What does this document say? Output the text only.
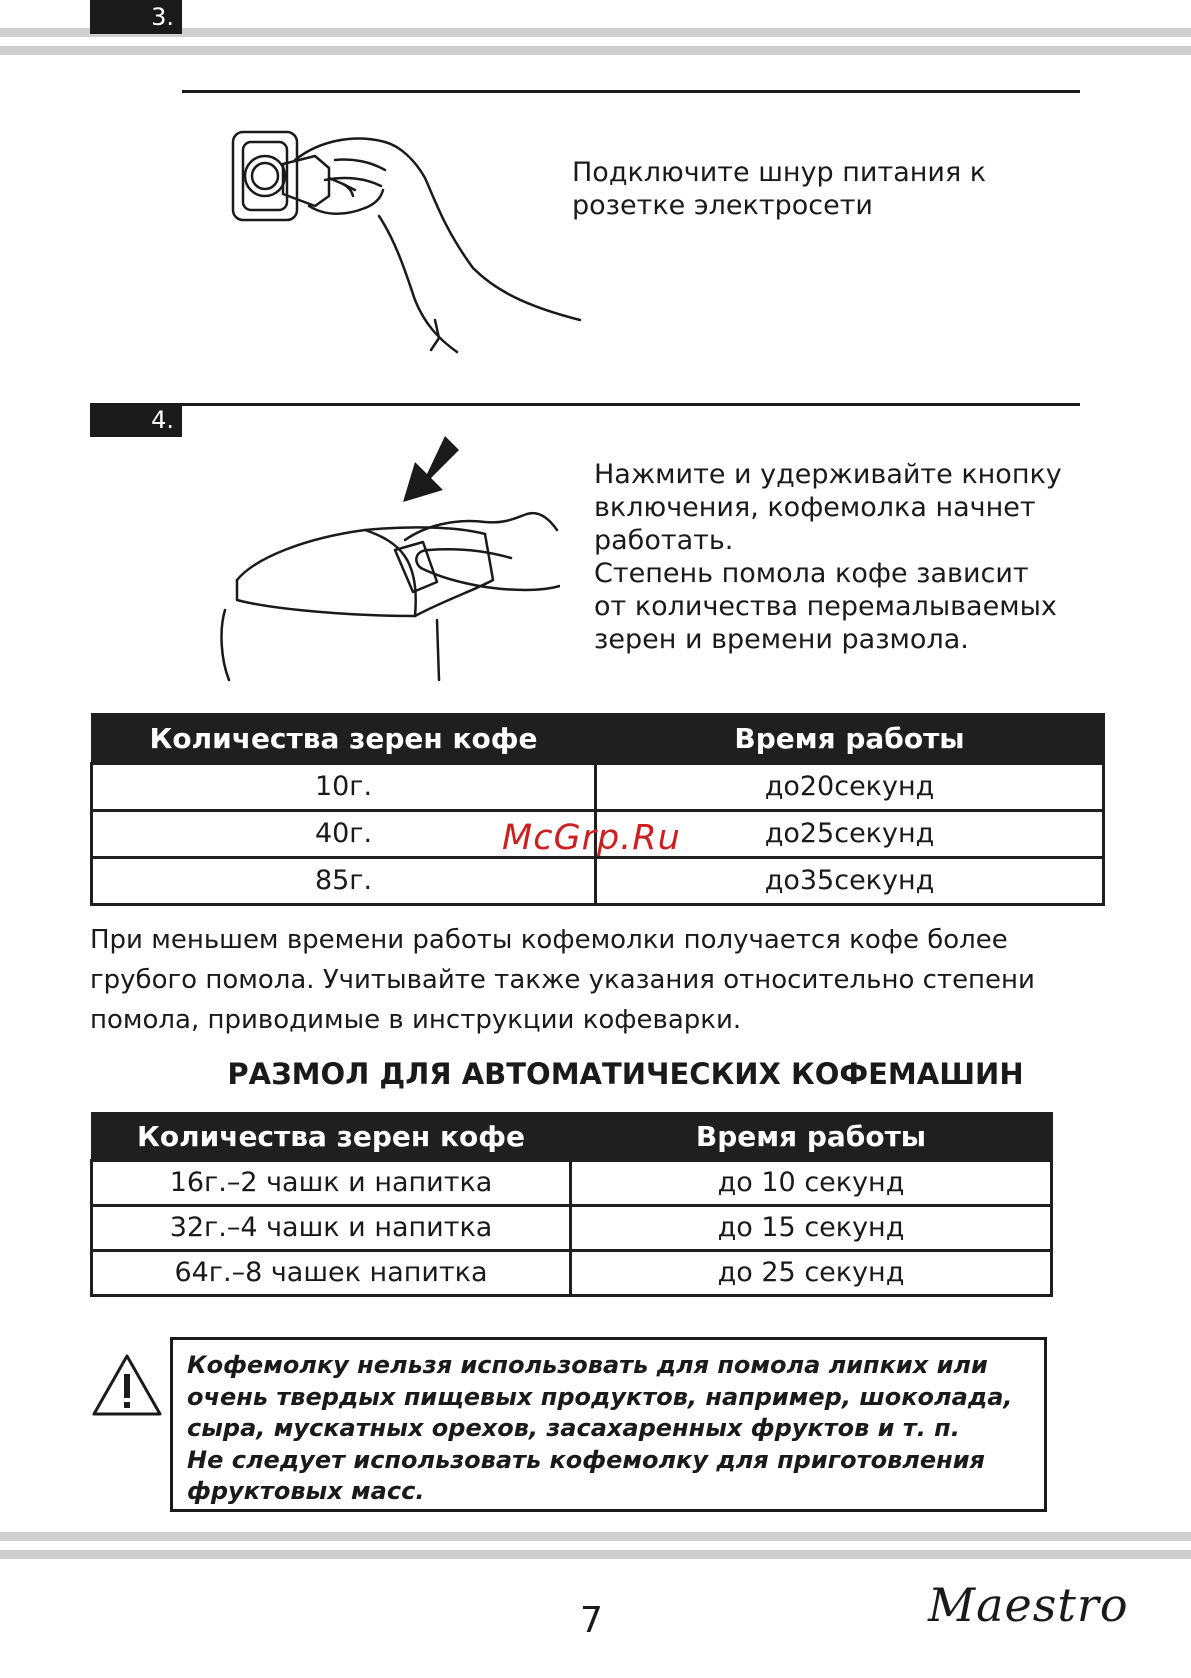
3.

Подключите шнур питания к

розетке электросети

4.

Нажмите и удерживайте кнопку

включения, кофемолка начнет

работать.

Степень помола кофе зависит

от количества перемалываемых

зерен и времени размола.

Количества зерен кофе	Время работы
10г.	до20секунд
40г.	до25секунд
85г.	до35секунд
McGrp.Ru
При меньшем времени работы кофемолки получается кофе более грубого помола. Учитывайте также указания относительно степени помола, приводимые в инструкции кофеварки.
РАЗМОЛ ДЛЯ АВТОМАТИЧЕСКИХ КОФЕМАШИН
Количества зерен кофе	Время работы
16г.–2 чашк и напитка	до 10 секунд
32г.–4 чашк и напитка	до 15 секунд
64г.–8 чашек напитка	до 25 секунд

Кофемолку нельзя использовать для помола липких или

очень твердых пищевых продуктов, например, шоколада,

сыра, мускатных орехов, засахаренных фруктов и т. п.

Не следует использовать кофемолку для приготовления

фруктовых масс.

7	Maestro
